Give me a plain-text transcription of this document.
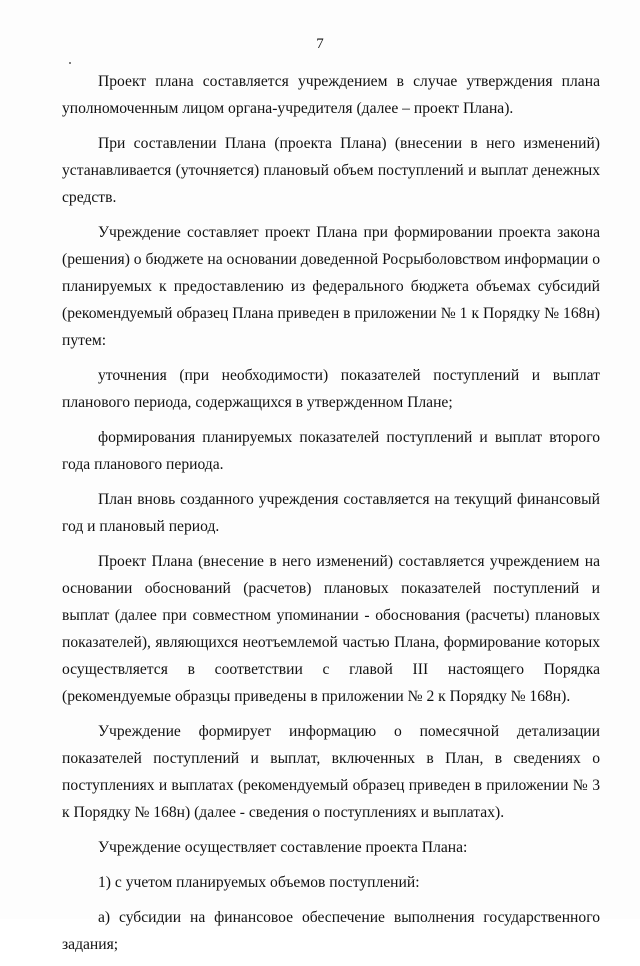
7

Проект плана составляется учреждением в случае утверждения плана уполномоченным лицом органа-учредителя (далее – проект Плана).

При составлении Плана (проекта Плана) (внесении в него изменений) устанавливается (уточняется) плановый объем поступлений и выплат денежных средств.

Учреждение составляет проект Плана при формировании проекта закона (решения) о бюджете на основании доведенной Росрыболовством информации о планируемых к предоставлению из федерального бюджета объемах субсидий (рекомендуемый образец Плана приведен в приложении № 1 к Порядку № 168н) путем:

уточнения (при необходимости) показателей поступлений и выплат планового периода, содержащихся в утвержденном Плане;

формирования планируемых показателей поступлений и выплат второго года планового периода.

План вновь созданного учреждения составляется на текущий финансовый год и плановый период.

Проект Плана (внесение в него изменений) составляется учреждением на основании обоснований (расчетов) плановых показателей поступлений и выплат (далее при совместном упоминании - обоснования (расчеты) плановых показателей), являющихся неотъемлемой частью Плана, формирование которых осуществляется в соответствии с главой III настоящего Порядка (рекомендуемые образцы приведены в приложении № 2 к Порядку № 168н).

Учреждение формирует информацию о помесячной детализации показателей поступлений и выплат, включенных в План, в сведениях о поступлениях и выплатах (рекомендуемый образец приведен в приложении № 3 к Порядку № 168н) (далее - сведения о поступлениях и выплатах).

Учреждение осуществляет составление проекта Плана:

1) с учетом планируемых объемов поступлений:

а) субсидии на финансовое обеспечение выполнения государственного задания;
